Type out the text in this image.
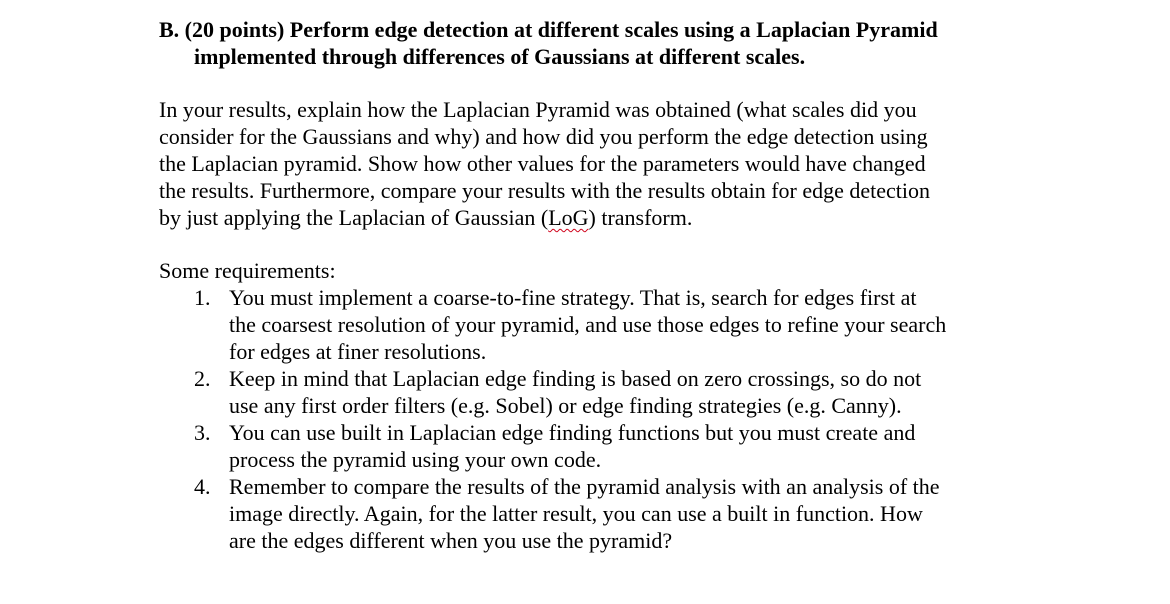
B. (20 points) Perform edge detection at different scales using a Laplacian Pyramid
implemented through differences of Gaussians at different scales.
In your results, explain how the Laplacian Pyramid was obtained (what scales did you
consider for the Gaussians and why) and how did you perform the edge detection using
the Laplacian pyramid. Show how other values for the parameters would have changed
the results. Furthermore, compare your results with the results obtain for edge detection
by just applying the Laplacian of Gaussian (LoG) transform.
Some requirements:
1. You must implement a coarse-to-fine strategy. That is, search for edges first at
the coarsest resolution of your pyramid, and use those edges to refine your search
for edges at finer resolutions.
2. Keep in mind that Laplacian edge finding is based on zero crossings, so do not
use any first order filters (e.g. Sobel) or edge finding strategies (e.g. Canny).
3. You can use built in Laplacian edge finding functions but you must create and
process the pyramid using your own code.
4. Remember to compare the results of the pyramid analysis with an analysis of the
image directly. Again, for the latter result, you can use a built in function. How
are the edges different when you use the pyramid?
